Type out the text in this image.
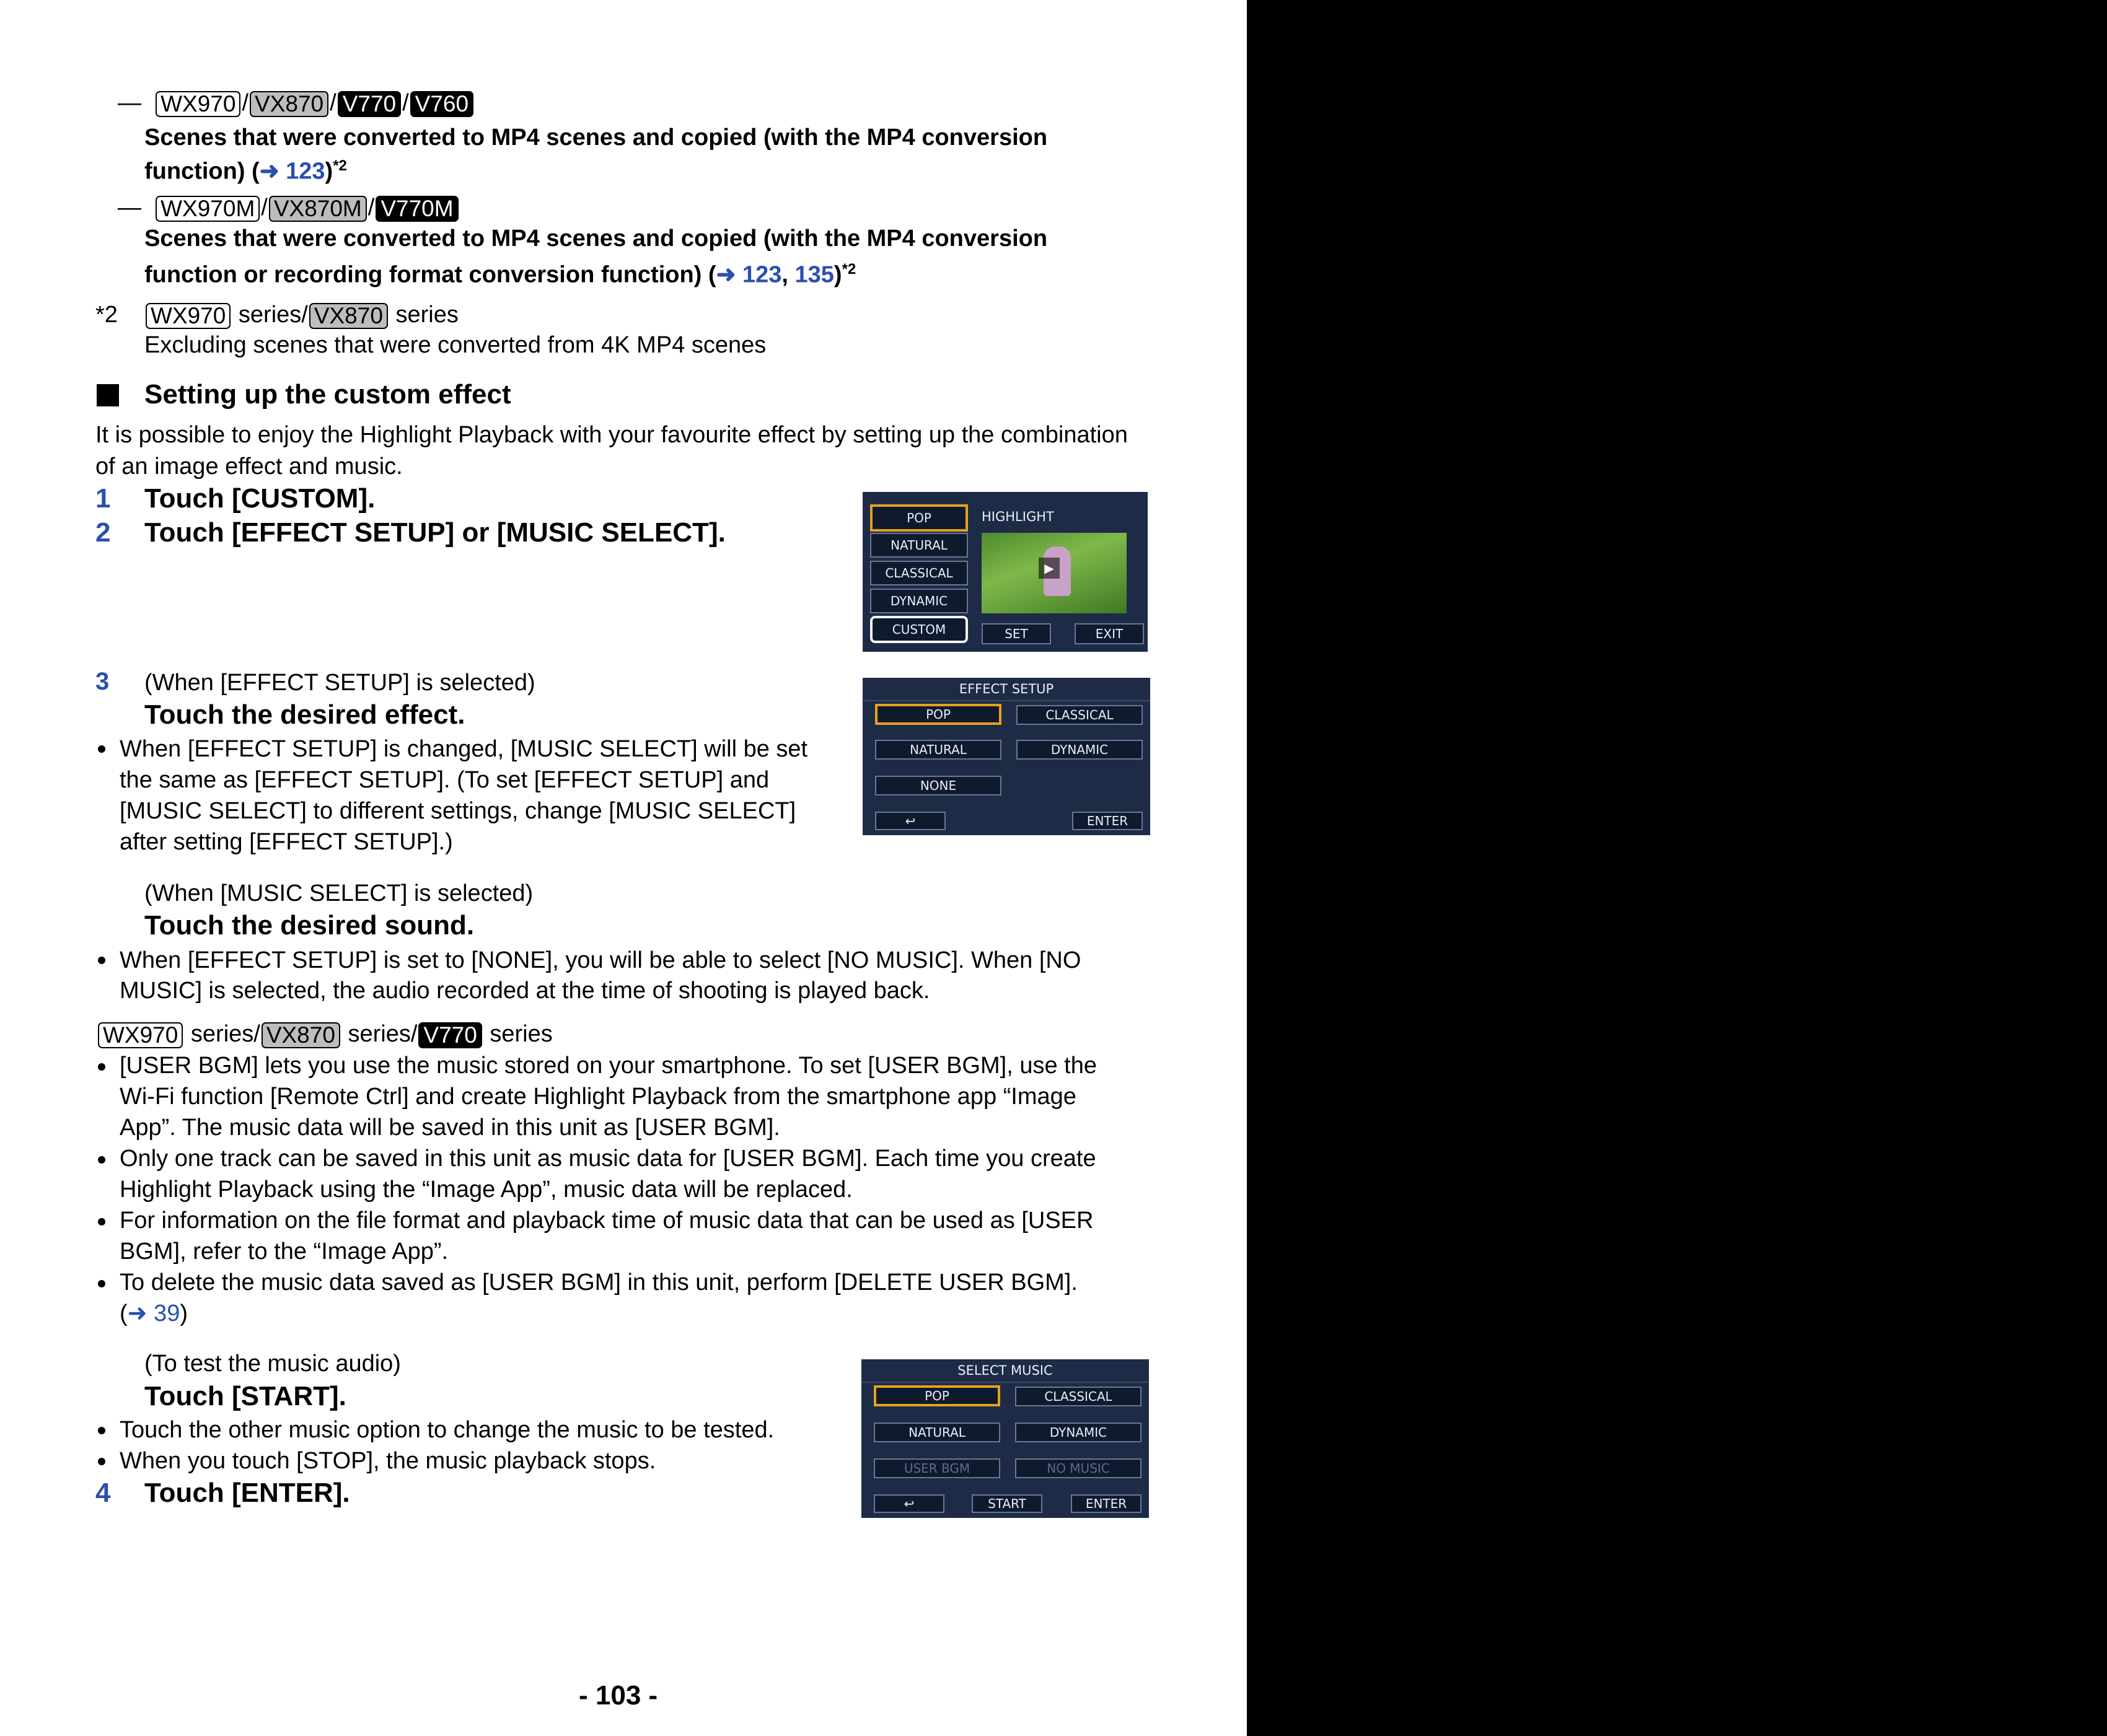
— WX970 / VX870 / V770 / V760
Scenes that were converted to MP4 scenes and copied (with the MP4 conversion
function) (➜ 123)$^{*2}$
— WX970M / VX870M / V770M
Scenes that were converted to MP4 scenes and copied (with the MP4 conversion
function or recording format conversion function) (➜ 123, 135)$^{*2}$
*2 WX970 series/ VX870 series
Excluding scenes that were converted from 4K MP4 scenes
Setting up the custom effect
It is possible to enjoy the Highlight Playback with your favourite effect by setting up the combination
of an image effect and music.
1 Touch [CUSTOM].
2 Touch [EFFECT SETUP] or [MUSIC SELECT].	POP
NATURAL
CLASSICAL
DYNAMIC
CUSTOM
HIGHLIGHT
▶
SET	EXIT
3 (When [EFFECT SETUP] is selected)
Touch the desired effect.
When [EFFECT SETUP] is changed, [MUSIC SELECT] will be set
the same as [EFFECT SETUP]. (To set [EFFECT SETUP] and
[MUSIC SELECT] to different settings, change [MUSIC SELECT]
after setting [EFFECT SETUP].)
EFFECT SETUP
POP	CLASSICAL
NATURAL	DYNAMIC
NONE
↩	ENTER
(When [MUSIC SELECT] is selected)
Touch the desired sound.
When [EFFECT SETUP] is set to [NONE], you will be able to select [NO MUSIC]. When [NO
MUSIC] is selected, the audio recorded at the time of shooting is played back.
WX970 series/ VX870 series/ V770 series
[USER BGM] lets you use the music stored on your smartphone. To set [USER BGM], use the
Wi-Fi function [Remote Ctrl] and create Highlight Playback from the smartphone app “Image
App”. The music data will be saved in this unit as [USER BGM].
Only one track can be saved in this unit as music data for [USER BGM]. Each time you create
Highlight Playback using the “Image App”, music data will be replaced.
For information on the file format and playback time of music data that can be used as [USER
BGM], refer to the “Image App”.
To delete the music data saved as [USER BGM] in this unit, perform [DELETE USER BGM].
(➜ 39)
(To test the music audio)
Touch [START].
Touch the other music option to change the music to be tested.
When you touch [STOP], the music playback stops.
4 Touch [ENTER].
SELECT MUSIC
POP	CLASSICAL
NATURAL	DYNAMIC
USER BGM	NO MUSIC
↩	START	ENTER
- 103 -
